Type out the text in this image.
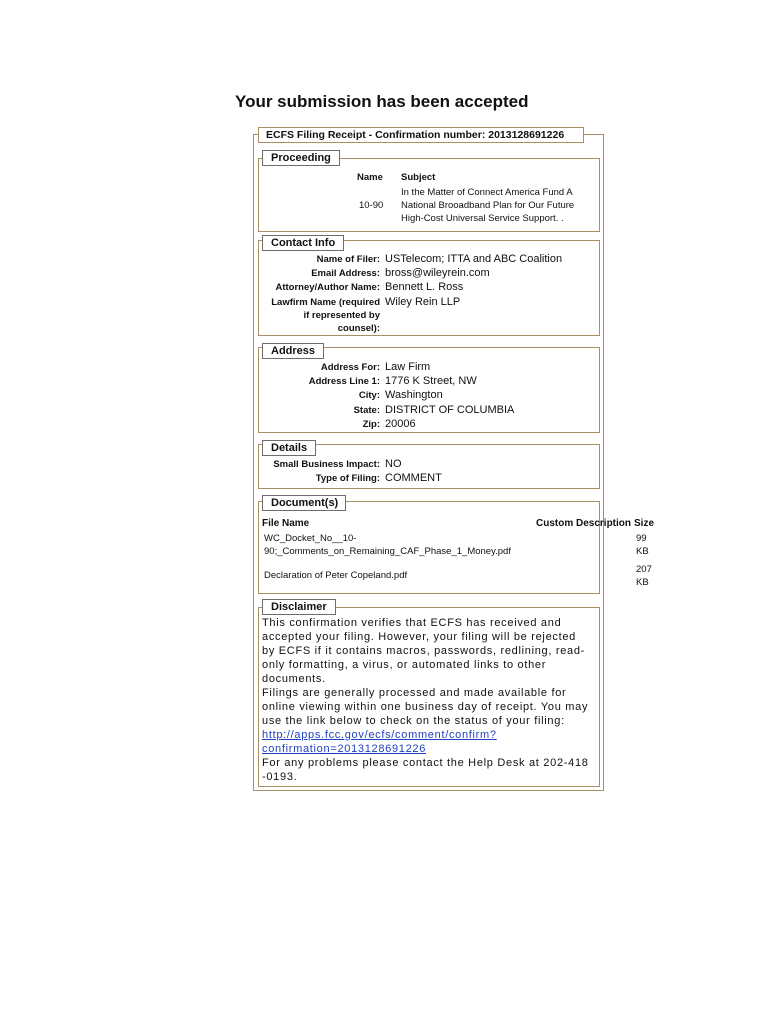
Your submission has been accepted
ECFS Filing Receipt - Confirmation number: 2013128691226
Proceeding
Name Subject
10-90
In the Matter of Connect America Fund A
National Brooadband Plan for Our Future
High-Cost Universal Service Support. .
Contact Info
Name of Filer: USTelecom; ITTA and ABC Coalition
Email Address: bross@wileyrein.com
Attorney/Author Name: Bennett L. Ross
Lawfirm Name (required
if represented by
counsel):
Wiley Rein LLP
Address
Address For: Law Firm
Address Line 1: 1776 K Street, NW
City: Washington
State: DISTRICT OF COLUMBIA
Zip: 20006
Details
Small Business Impact: NO
Type of Filing: COMMENT
Document(s)
File Name	Custom Description Size
WC_Docket_No__10-
90;_Comments_on_Remaining_CAF_Phase_1_Money.pdf
99
KB
Declaration of Peter Copeland.pdf
207
KB
Disclaimer
This confirmation verifies that ECFS has received and
accepted your filing. However, your filing will be rejected
by ECFS if it contains macros, passwords, redlining, read-
only formatting, a virus, or automated links to other
documents.
Filings are generally processed and made available for
online viewing within one business day of receipt. You may
use the link below to check on the status of your filing:
http://apps.fcc.gov/ecfs/comment/confirm?
confirmation=2013128691226
For any problems please contact the Help Desk at 202-418
-0193.
